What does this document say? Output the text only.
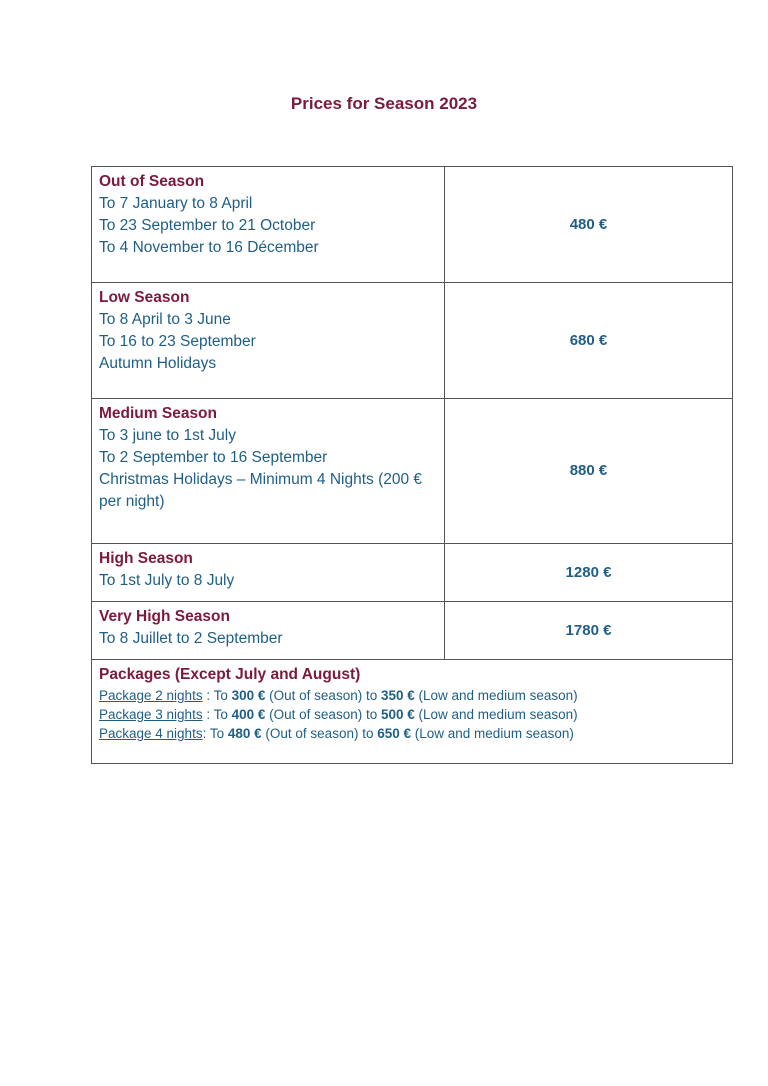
Prices for Season 2023
Out of Season
To 7 January to 8 April
To 23 September to 21 October
To 4 November to 16 Décember	480 €

Low Season
To 8 April to 3 June
To 16 to 23 September
Autumn Holidays	680 €

Medium Season
To 3 june to 1st July
To 2 September to 16 September
Christmas Holidays – Minimum 4 Nights (200 €
per night)	880 €

High Season
To 1st July to 8 July	1280 €

Very High Season
To 8 Juillet to 2 September	1780 €

Packages (Except July and August)
Package 2 nights : To 300 € (Out of season) to 350 € (Low and medium season)
Package 3 nights : To 400 € (Out of season) to 500 € (Low and medium season)
Package 4 nights: To 480 € (Out of season) to 650 € (Low and medium season)	
